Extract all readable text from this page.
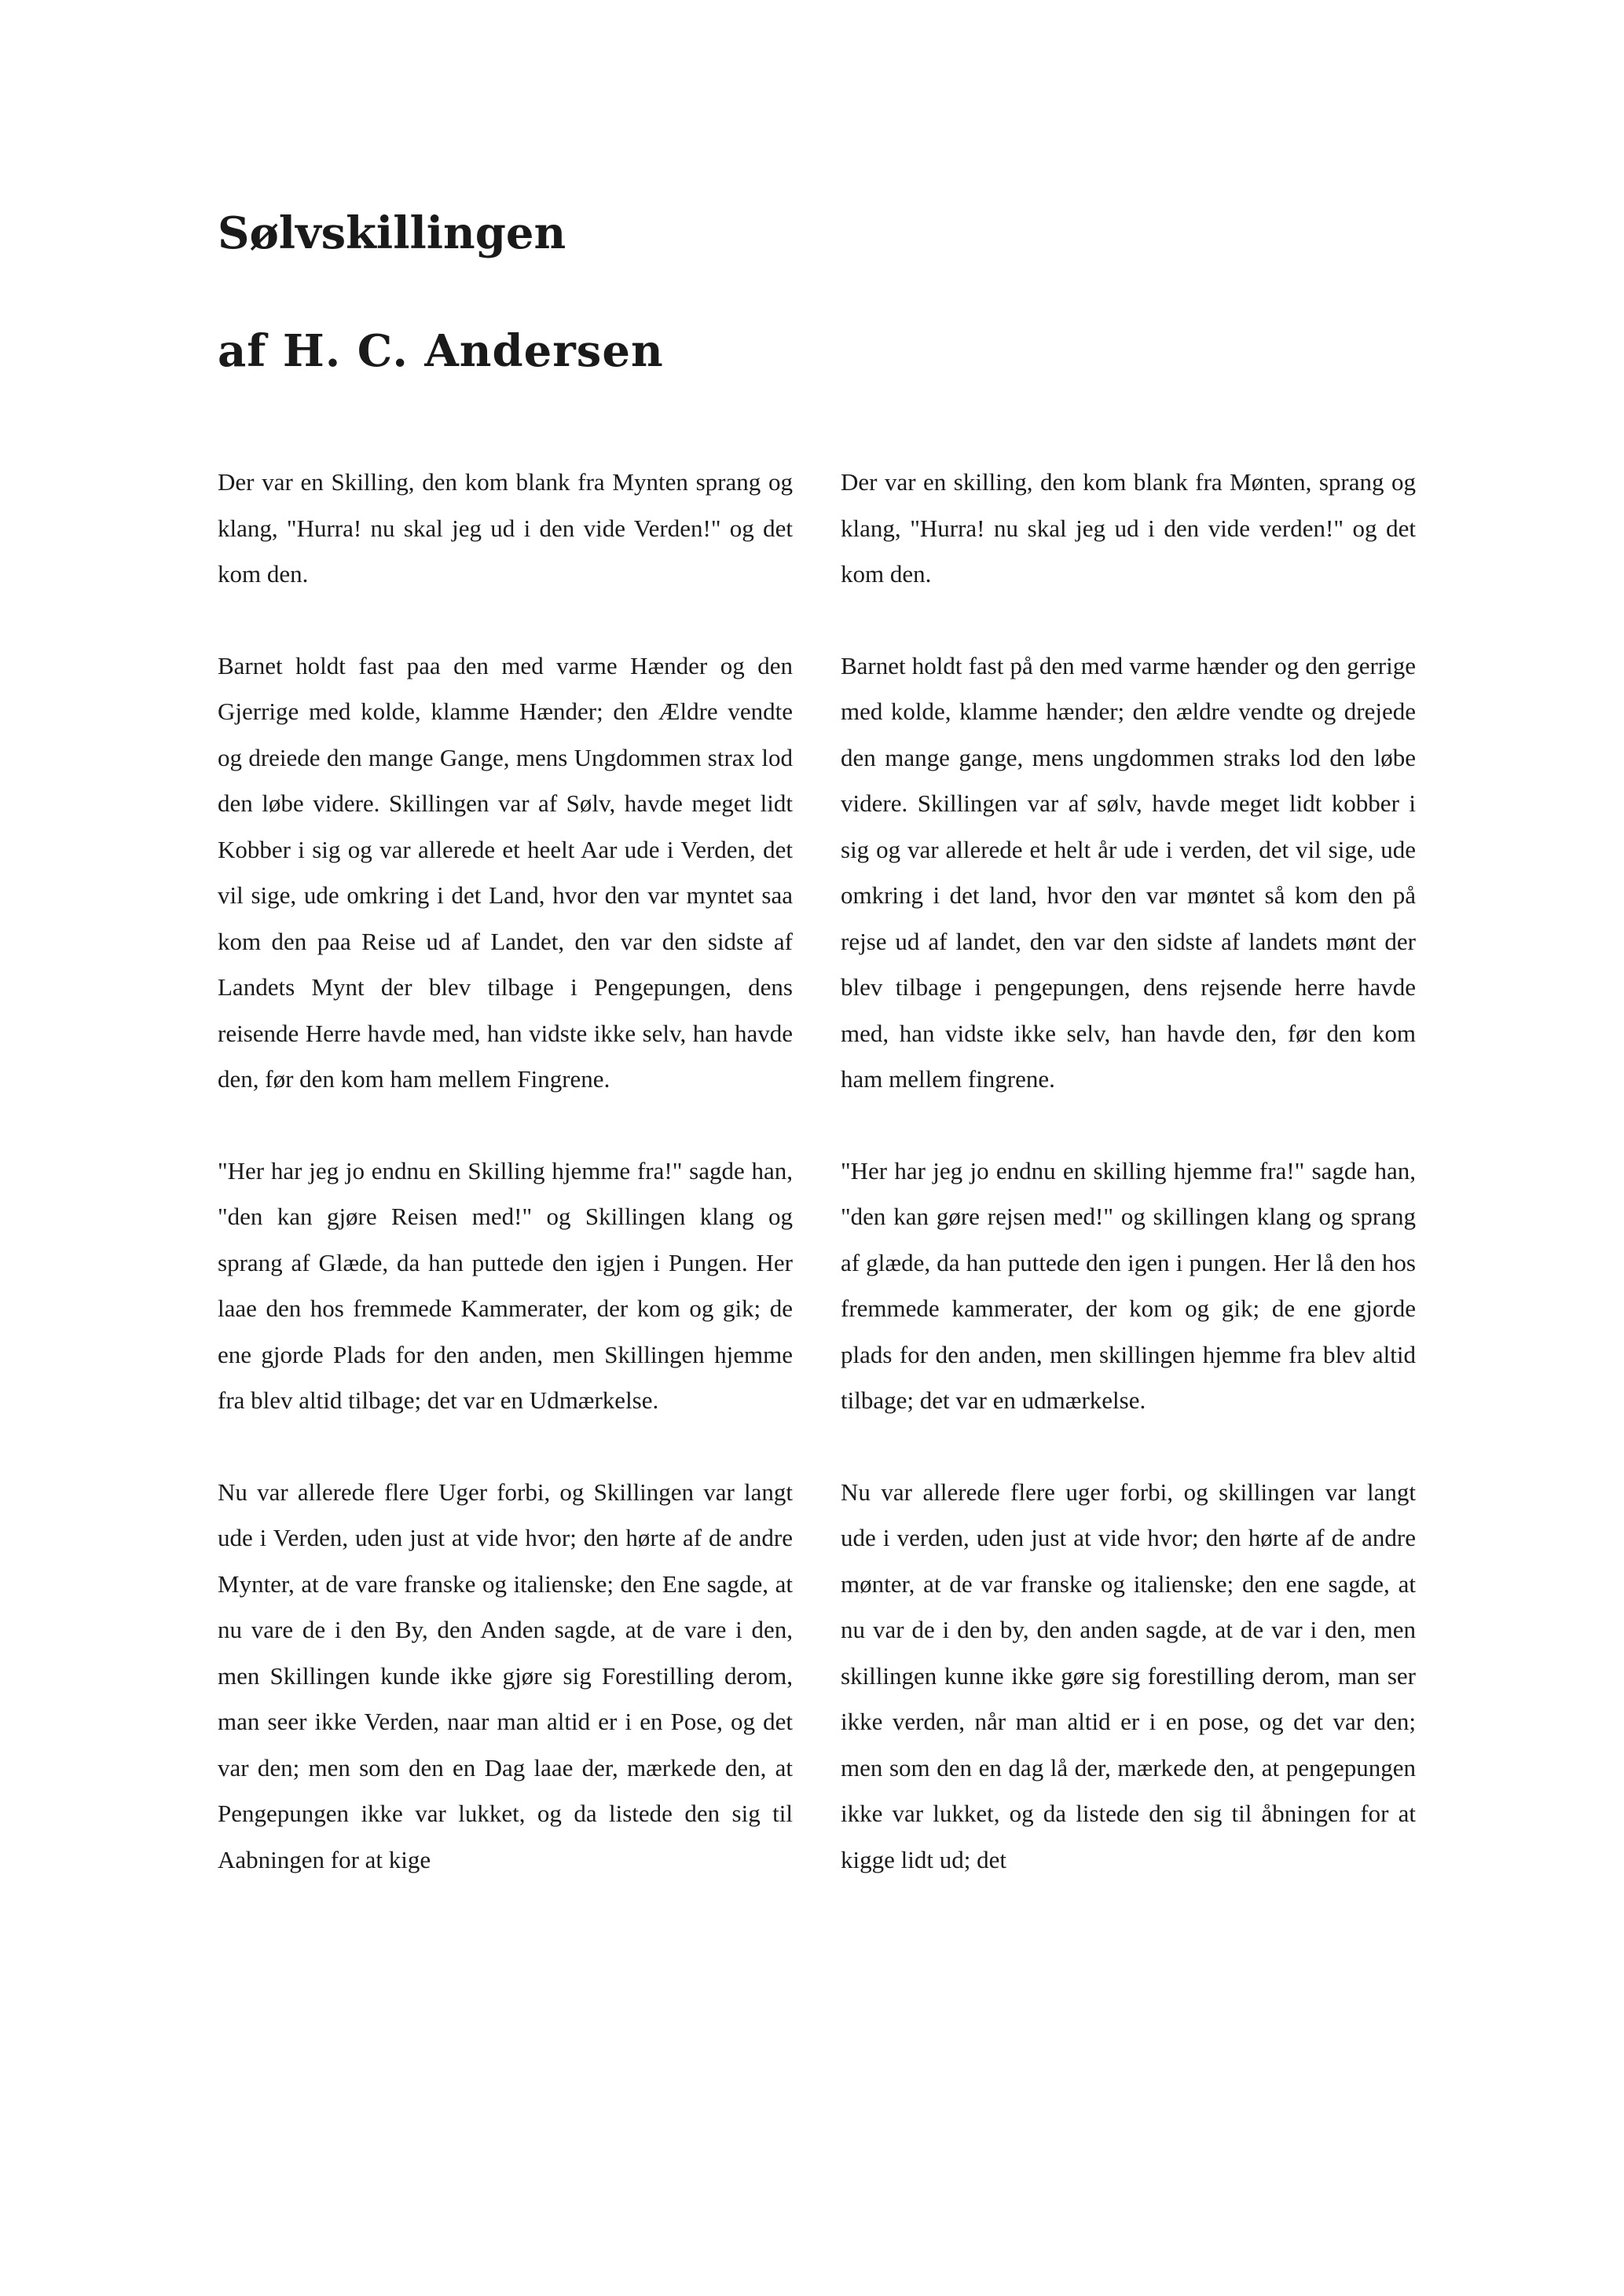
Sølvskillingen
af H. C. Andersen

Der var en Skilling, den kom blank fra Mynten sprang og klang, "Hurra! nu skal jeg ud i den vide Verden!" og det kom den.

Barnet holdt fast paa den med varme Hænder og den Gjerrige med kolde, klamme Hænder; den Ældre vendte og dreiede den mange Gange, mens Ungdommen strax lod den løbe videre. Skillingen var af Sølv, havde meget lidt Kobber i sig og var allerede et heelt Aar ude i Verden, det vil sige, ude omkring i det Land, hvor den var myntet saa kom den paa Reise ud af Landet, den var den sidste af Landets Mynt der blev tilbage i Pengepungen, dens reisende Herre havde med, han vidste ikke selv, han havde den, før den kom ham mellem Fingrene.

"Her har jeg jo endnu en Skilling hjemme fra!" sagde han, "den kan gjøre Reisen med!" og Skillingen klang og sprang af Glæde, da han puttede den igjen i Pungen. Her laae den hos fremmede Kammerater, der kom og gik; de ene gjorde Plads for den anden, men Skillingen hjemme fra blev altid tilbage; det var en Udmærkelse.

Nu var allerede flere Uger forbi, og Skillingen var langt ude i Verden, uden just at vide hvor; den hørte af de andre Mynter, at de vare franske og italienske; den Ene sagde, at nu vare de i den By, den Anden sagde, at de vare i den, men Skillingen kunde ikke gjøre sig Forestilling derom, man seer ikke Verden, naar man altid er i en Pose, og det var den; men som den en Dag laae der, mærkede den, at Pengepungen ikke var lukket, og da listede den sig til Aabningen for at kige

Der var en skilling, den kom blank fra Mønten, sprang og klang, "Hurra! nu skal jeg ud i den vide verden!" og det kom den.

Barnet holdt fast på den med varme hænder og den gerrige med kolde, klamme hænder; den ældre vendte og drejede den mange gange, mens ungdommen straks lod den løbe videre. Skillingen var af sølv, havde meget lidt kobber i sig og var allerede et helt år ude i verden, det vil sige, ude omkring i det land, hvor den var møntet så kom den på rejse ud af landet, den var den sidste af landets mønt der blev tilbage i pengepungen, dens rejsende herre havde med, han vidste ikke selv, han havde den, før den kom ham mellem fingrene.

"Her har jeg jo endnu en skilling hjemme fra!" sagde han, "den kan gøre rejsen med!" og skillingen klang og sprang af glæde, da han puttede den igen i pungen. Her lå den hos fremmede kammerater, der kom og gik; de ene gjorde plads for den anden, men skillingen hjemme fra blev altid tilbage; det var en udmærkelse.

Nu var allerede flere uger forbi, og skillingen var langt ude i verden, uden just at vide hvor; den hørte af de andre mønter, at de var franske og italienske; den ene sagde, at nu var de i den by, den anden sagde, at de var i den, men skillingen kunne ikke gøre sig forestilling derom, man ser ikke verden, når man altid er i en pose, og det var den; men som den en dag lå der, mærkede den, at pengepungen ikke var lukket, og da listede den sig til åbningen for at kigge lidt ud; det
